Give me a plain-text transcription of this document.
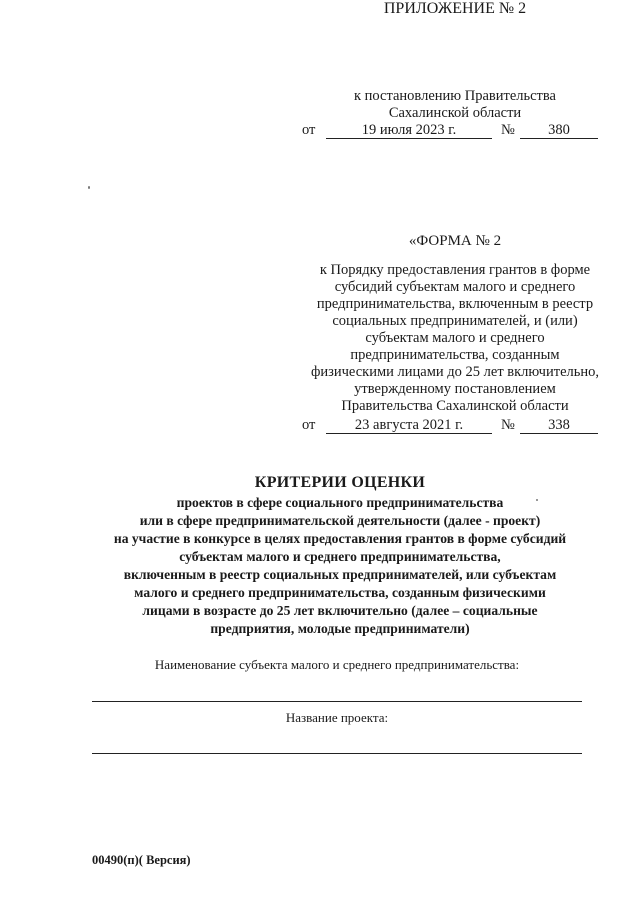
ПРИЛОЖЕНИЕ № 2
к постановлению Правительства
Сахалинской области
от	19 июля 2023 г.	№	380
«ФОРМА № 2
к Порядку предоставления грантов в форме
субсидий субъектам малого и среднего
предпринимательства, включенным в реестр
социальных предпринимателей, и (или)
субъектам малого и среднего
предпринимательства, созданным
физическими лицами до 25 лет включительно,
утвержденному постановлением
Правительства Сахалинской области
от	23 августа 2021 г.	№	338
КРИТЕРИИ ОЦЕНКИ
проектов в сфере социального предпринимательства
или в сфере предпринимательской деятельности (далее - проект)
на участие в конкурсе в целях предоставления грантов в форме субсидий
субъектам малого и среднего предпринимательства,
включенным в реестр социальных предпринимателей, или субъектам
малого и среднего предпринимательства, созданным физическими
лицами в возрасте до 25 лет включительно (далее – социальные
предприятия, молодые предприниматели)
Наименование субъекта малого и среднего предпринимательства:
Название проекта:
00490(п)( Версия)
